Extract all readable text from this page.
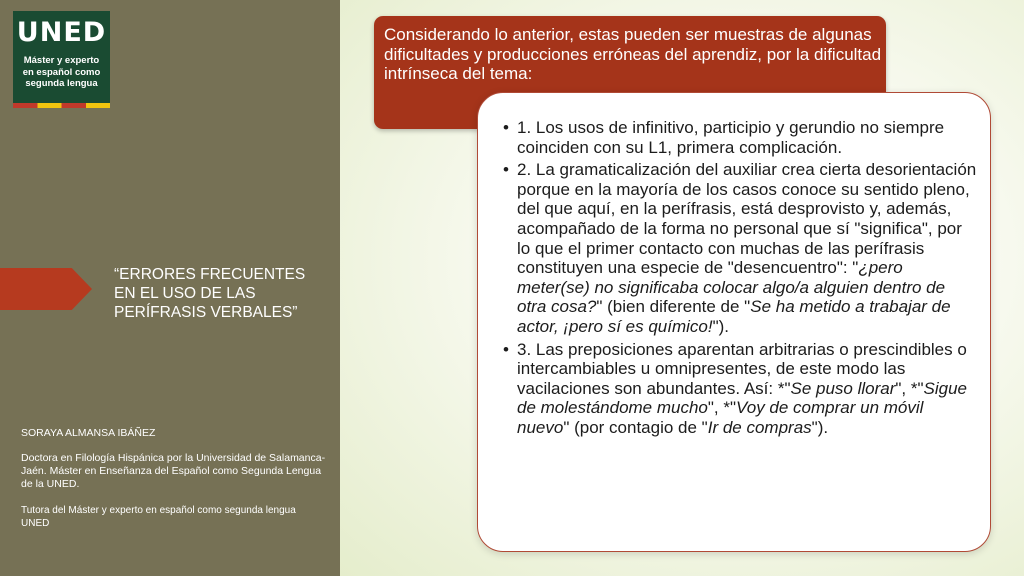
UNED
Máster y experto
en español como
segunda lengua
“ERRORES FRECUENTES EN EL USO DE LAS PERÍFRASIS VERBALES”
SORAYA ALMANSA IBÁÑEZ
Doctora en Filología Hispánica por la Universidad de Salamanca-Jaén. Máster en Enseñanza del Español como Segunda Lengua de la UNED.
Tutora del Máster y experto en español como segunda lengua UNED
Considerando lo anterior, estas pueden ser muestras de algunas dificultades y producciones erróneas del aprendiz, por la dificultad intrínseca del tema:
• 1. Los usos de infinitivo, participio y gerundio no siempre coinciden con su L1, primera complicación.
• 2. La gramaticalización del auxiliar crea cierta desorientación porque en la mayoría de los casos conoce su sentido pleno, del que aquí, en la perífrasis, está desprovisto y, además, acompañado de la forma no personal que sí "significa", por lo que el primer contacto con muchas de las perífrasis constituyen una especie de "desencuentro": "¿pero meter(se) no significaba colocar algo/a alguien dentro de otra cosa?" (bien diferente de "Se ha metido a trabajar de actor, ¡pero sí es químico!").
• 3. Las preposiciones aparentan arbitrarias o prescindibles o intercambiables u omnipresentes, de este modo las vacilaciones son abundantes. Así: *"Se puso llorar", *"Sigue de molestándome mucho", *"Voy de comprar un móvil nuevo" (por contagio de "Ir de compras").
